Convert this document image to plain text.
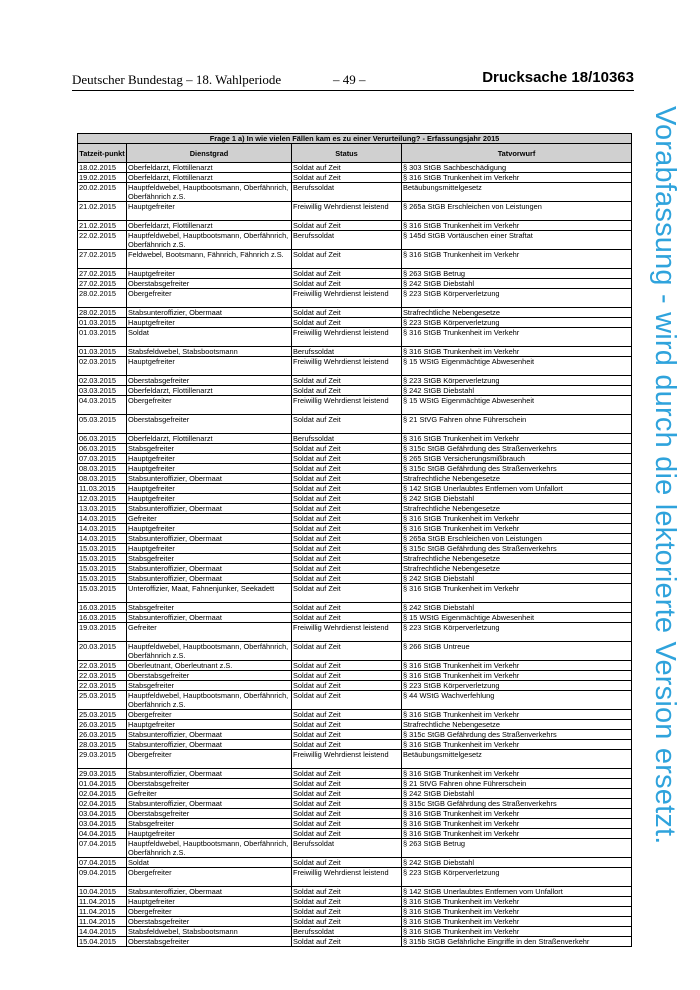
Deutscher Bundestag – 18. Wahlperiode	– 49 –	Drucksache 18/10363
Vorabfassung - wird durch die lektorierte Version ersetzt.
Frage 1 a) In wie vielen Fällen kam es zu einer Verurteilung? - Erfassungsjahr 2015			
Tatzeit-punkt	Dienstgrad	Status	Tatvorwurf
18.02.2015	Oberfeldarzt, Flottillenarzt	Soldat auf Zeit	§ 303 StGB Sachbeschädigung
19.02.2015	Oberfeldarzt, Flottillenarzt	Soldat auf Zeit	§ 316 StGB Trunkenheit im Verkehr
20.02.2015	Hauptfeldwebel, Hauptbootsmann, Oberfähnrich, Oberfähnrich z.S.	Berufssoldat	Betäubungsmittelgesetz
21.02.2015	Hauptgefreiter	Freiwillig Wehrdienst leistend	§ 265a StGB Erschleichen von Leistungen
21.02.2015	Oberfeldarzt, Flottillenarzt	Soldat auf Zeit	§ 316 StGB Trunkenheit im Verkehr
22.02.2015	Hauptfeldwebel, Hauptbootsmann, Oberfähnrich, Oberfähnrich z.S.	Berufssoldat	§ 145d StGB Vortäuschen einer Straftat
27.02.2015	Feldwebel, Bootsmann, Fähnrich, Fähnrich z.S.	Soldat auf Zeit	§ 316 StGB Trunkenheit im Verkehr
27.02.2015	Hauptgefreiter	Soldat auf Zeit	§ 263 StGB Betrug
27.02.2015	Oberstabsgefreiter	Soldat auf Zeit	§ 242 StGB Diebstahl
28.02.2015	Obergefreiter	Freiwillig Wehrdienst leistend	§ 223 StGB Körperverletzung
28.02.2015	Stabsunteroffizier, Obermaat	Soldat auf Zeit	Strafrechtliche Nebengesetze
01.03.2015	Hauptgefreiter	Soldat auf Zeit	§ 223 StGB Körperverletzung
01.03.2015	Soldat	Freiwillig Wehrdienst leistend	§ 316 StGB Trunkenheit im Verkehr
01.03.2015	Stabsfeldwebel, Stabsbootsmann	Berufssoldat	§ 316 StGB Trunkenheit im Verkehr
02.03.2015	Hauptgefreiter	Freiwillig Wehrdienst leistend	§ 15 WStG Eigenmächtige Abwesenheit
02.03.2015	Oberstabsgefreiter	Soldat auf Zeit	§ 223 StGB Körperverletzung
03.03.2015	Oberfeldarzt, Flottillenarzt	Soldat auf Zeit	§ 242 StGB Diebstahl
04.03.2015	Obergefreiter	Freiwillig Wehrdienst leistend	§ 15 WStG Eigenmächtige Abwesenheit
05.03.2015	Oberstabsgefreiter	Soldat auf Zeit	§ 21 StVG Fahren ohne Führerschein
06.03.2015	Oberfeldarzt, Flottillenarzt	Berufssoldat	§ 316 StGB Trunkenheit im Verkehr
06.03.2015	Stabsgefreiter	Soldat auf Zeit	§ 315c StGB Gefährdung des Straßenverkehrs
07.03.2015	Hauptgefreiter	Soldat auf Zeit	§ 265 StGB Versicherungsmißbrauch
08.03.2015	Hauptgefreiter	Soldat auf Zeit	§ 315c StGB Gefährdung des Straßenverkehrs
08.03.2015	Stabsunteroffizier, Obermaat	Soldat auf Zeit	Strafrechtliche Nebengesetze
11.03.2015	Hauptgefreiter	Soldat auf Zeit	§ 142 StGB Unerlaubtes Entfernen vom Unfallort
12.03.2015	Hauptgefreiter	Soldat auf Zeit	§ 242 StGB Diebstahl
13.03.2015	Stabsunteroffizier, Obermaat	Soldat auf Zeit	Strafrechtliche Nebengesetze
14.03.2015	Gefreiter	Soldat auf Zeit	§ 316 StGB Trunkenheit im Verkehr
14.03.2015	Hauptgefreiter	Soldat auf Zeit	§ 316 StGB Trunkenheit im Verkehr
14.03.2015	Stabsunteroffizier, Obermaat	Soldat auf Zeit	§ 265a StGB Erschleichen von Leistungen
15.03.2015	Hauptgefreiter	Soldat auf Zeit	§ 315c StGB Gefährdung des Straßenverkehrs
15.03.2015	Stabsgefreiter	Soldat auf Zeit	Strafrechtliche Nebengesetze
15.03.2015	Stabsunteroffizier, Obermaat	Soldat auf Zeit	Strafrechtliche Nebengesetze
15.03.2015	Stabsunteroffizier, Obermaat	Soldat auf Zeit	§ 242 StGB Diebstahl
15.03.2015	Unteroffizier, Maat, Fahnenjunker, Seekadett	Soldat auf Zeit	§ 316 StGB Trunkenheit im Verkehr
16.03.2015	Stabsgefreiter	Soldat auf Zeit	§ 242 StGB Diebstahl
16.03.2015	Stabsunteroffizier, Obermaat	Soldat auf Zeit	§ 15 WStG Eigenmächtige Abwesenheit
19.03.2015	Gefreiter	Freiwillig Wehrdienst leistend	§ 223 StGB Körperverletzung
20.03.2015	Hauptfeldwebel, Hauptbootsmann, Oberfähnrich, Oberfähnrich z.S.	Soldat auf Zeit	§ 266 StGB Untreue
22.03.2015	Oberleutnant, Oberleutnant z.S.	Soldat auf Zeit	§ 316 StGB Trunkenheit im Verkehr
22.03.2015	Oberstabsgefreiter	Soldat auf Zeit	§ 316 StGB Trunkenheit im Verkehr
22.03.2015	Stabsgefreiter	Soldat auf Zeit	§ 223 StGB Körperverletzung
25.03.2015	Hauptfeldwebel, Hauptbootsmann, Oberfähnrich, Oberfähnrich z.S.	Soldat auf Zeit	§ 44 WStG Wachverfehlung
25.03.2015	Obergefreiter	Soldat auf Zeit	§ 316 StGB Trunkenheit im Verkehr
26.03.2015	Hauptgefreiter	Soldat auf Zeit	Strafrechtliche Nebengesetze
26.03.2015	Stabsunteroffizier, Obermaat	Soldat auf Zeit	§ 315c StGB Gefährdung des Straßenverkehrs
28.03.2015	Stabsunteroffizier, Obermaat	Soldat auf Zeit	§ 316 StGB Trunkenheit im Verkehr
29.03.2015	Obergefreiter	Freiwillig Wehrdienst leistend	Betäubungsmittelgesetz
29.03.2015	Stabsunteroffizier, Obermaat	Soldat auf Zeit	§ 316 StGB Trunkenheit im Verkehr
01.04.2015	Oberstabsgefreiter	Soldat auf Zeit	§ 21 StVG Fahren ohne Führerschein
02.04.2015	Gefreiter	Soldat auf Zeit	§ 242 StGB Diebstahl
02.04.2015	Stabsunteroffizier, Obermaat	Soldat auf Zeit	§ 315c StGB Gefährdung des Straßenverkehrs
03.04.2015	Oberstabsgefreiter	Soldat auf Zeit	§ 316 StGB Trunkenheit im Verkehr
03.04.2015	Stabsgefreiter	Soldat auf Zeit	§ 316 StGB Trunkenheit im Verkehr
04.04.2015	Hauptgefreiter	Soldat auf Zeit	§ 316 StGB Trunkenheit im Verkehr
07.04.2015	Hauptfeldwebel, Hauptbootsmann, Oberfähnrich, Oberfähnrich z.S.	Berufssoldat	§ 263 StGB Betrug
07.04.2015	Soldat	Soldat auf Zeit	§ 242 StGB Diebstahl
09.04.2015	Obergefreiter	Freiwillig Wehrdienst leistend	§ 223 StGB Körperverletzung
10.04.2015	Stabsunteroffizier, Obermaat	Soldat auf Zeit	§ 142 StGB Unerlaubtes Entfernen vom Unfallort
11.04.2015	Hauptgefreiter	Soldat auf Zeit	§ 316 StGB Trunkenheit im Verkehr
11.04.2015	Obergefreiter	Soldat auf Zeit	§ 316 StGB Trunkenheit im Verkehr
11.04.2015	Oberstabsgefreiter	Soldat auf Zeit	§ 316 StGB Trunkenheit im Verkehr
14.04.2015	Stabsfeldwebel, Stabsbootsmann	Berufssoldat	§ 316 StGB Trunkenheit im Verkehr
15.04.2015	Oberstabsgefreiter	Soldat auf Zeit	§ 315b StGB Gefährliche Eingriffe in den Straßenverkehr
